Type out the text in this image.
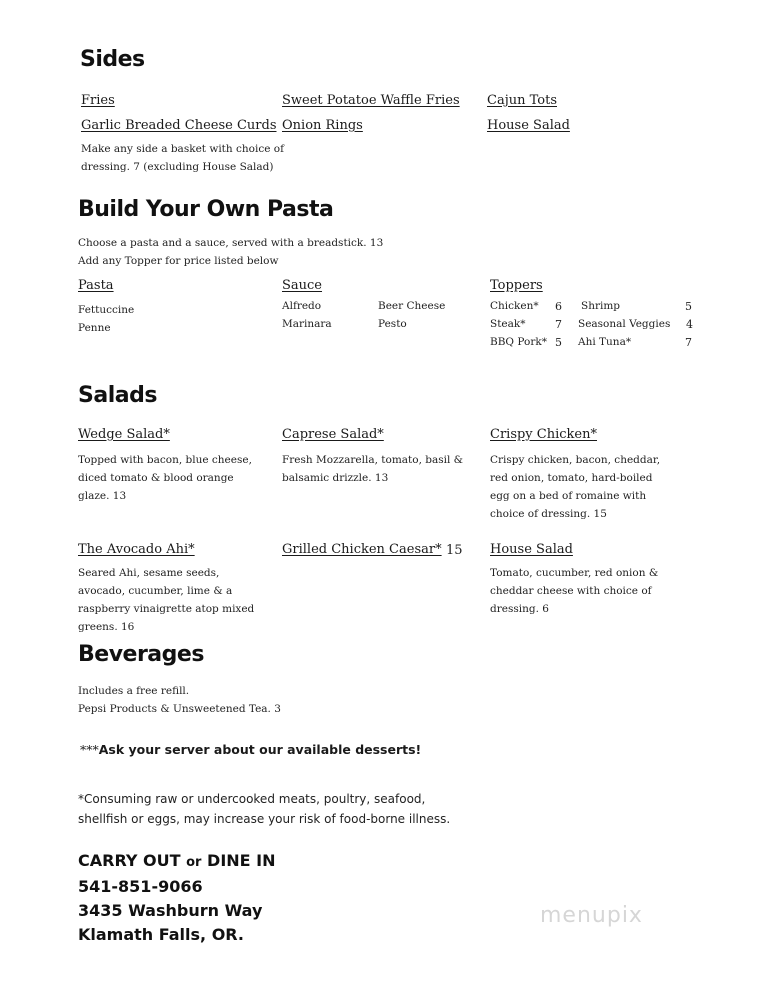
Sides
Fries	Sweet Potatoe Waffle Fries Cajun Tots
Garlic Breaded Cheese Curds Onion Rings	House Salad
Make any side a basket with choice of
dressing. 7 (excluding House Salad)
Build Your Own Pasta
Choose a pasta and a sauce, served with a breadstick. 13
Add any Topper for price listed below
Pasta
Fettuccine
Penne
Sauce
Alfredo	Beer Cheese
Marinara	Pesto
Toppers
Chicken* 6 Shrimp	5
Steak*	7 Seasonal Veggies 4
BBQ Pork* 5 Ahi Tuna*	7
Salads
Wedge Salad*
Topped with bacon, blue cheese,
diced tomato & blood orange
glaze. 13
Caprese Salad*
Fresh Mozzarella, tomato, basil &
balsamic drizzle. 13
Crispy Chicken*
Crispy chicken, bacon, cheddar,
red onion, tomato, hard-boiled
egg on a bed of romaine with
choice of dressing. 15
The Avocado Ahi*
Seared Ahi, sesame seeds,
avocado, cucumber, lime & a
raspberry vinaigrette atop mixed
greens. 16
Grilled Chicken Caesar* 15 House Salad
Tomato, cucumber, red onion &
cheddar cheese with choice of
dressing. 6
Beverages
Includes a free refill.
Pepsi Products & Unsweetened Tea. 3
***Ask your server about our available desserts!
*Consuming raw or undercooked meats, poultry, seafood,
shellfish or eggs, may increase your risk of food-borne illness.
CARRY OUT or DINE IN
541-851-9066
3435 Washburn Way
Klamath Falls, OR.
menupix
